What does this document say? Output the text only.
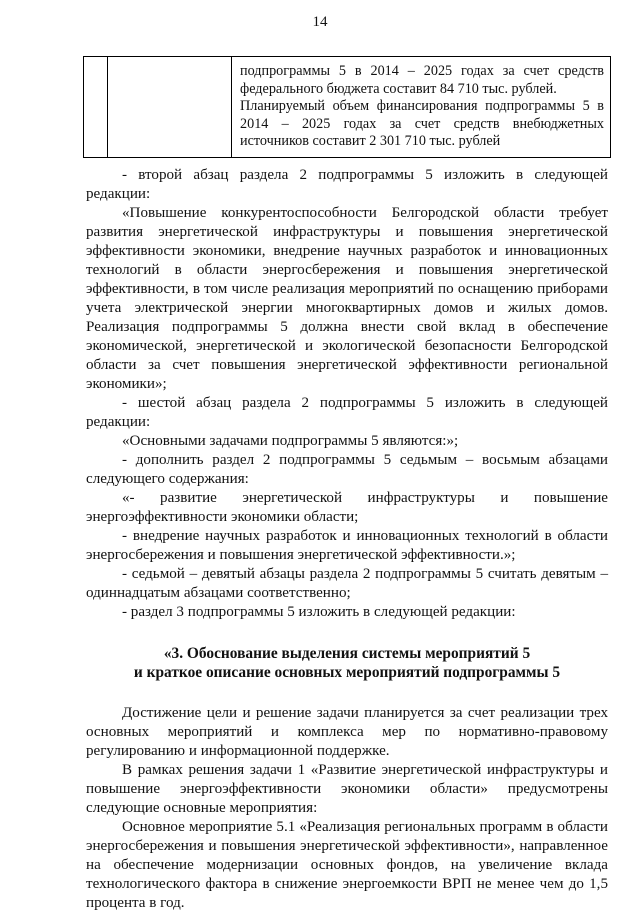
14

подпрограммы 5 в 2014 – 2025 годах за счет средств федерального бюджета составит 84 710 тыс. рублей.

Планируемый объем финансирования подпрограммы 5 в 2014 – 2025 годах за счет средств внебюджетных источников составит 2 301 710 тыс. рублей

- второй абзац раздела 2 подпрограммы 5 изложить в следующей редакции:

«Повышение конкурентоспособности Белгородской области требует развития энергетической инфраструктуры и повышения энергетической эффективности экономики, внедрение научных разработок и инновационных технологий в области энергосбережения и повышения энергетической эффективности, в том числе реализация мероприятий по оснащению приборами учета электрической энергии многоквартирных домов и жилых домов. Реализация подпрограммы 5 должна внести свой вклад в обеспечение экономической, энергетической и экологической безопасности Белгородской области за счет повышения энергетической эффективности региональной экономики»;

- шестой абзац раздела 2 подпрограммы 5 изложить в следующей редакции:

«Основными задачами подпрограммы 5 являются:»;

- дополнить раздел 2 подпрограммы 5 седьмым – восьмым абзацами следующего содержания:

«- развитие энергетической инфраструктуры и повышение энергоэффективности экономики области;

- внедрение научных разработок и инновационных технологий в области энергосбережения и повышения энергетической эффективности.»;

- седьмой – девятый абзацы раздела 2 подпрограммы 5 считать девятым – одиннадцатым абзацами соответственно;

- раздел 3 подпрограммы 5 изложить в следующей редакции:

«3. Обоснование выделения системы мероприятий 5

и краткое описание основных мероприятий подпрограммы 5

Достижение цели и решение задачи планируется за счет реализации трех основных мероприятий и комплекса мер по нормативно-правовому регулированию и информационной поддержке.

В рамках решения задачи 1 «Развитие энергетической инфраструктуры и повышение энергоэффективности экономики области» предусмотрены следующие основные мероприятия:

Основное мероприятие 5.1 «Реализация региональных программ в области энергосбережения и повышения энергетической эффективности», направленное на обеспечение модернизации основных фондов, на увеличение вклада технологического фактора в снижение энергоемкости ВРП не менее чем до 1,5 процента в год.
